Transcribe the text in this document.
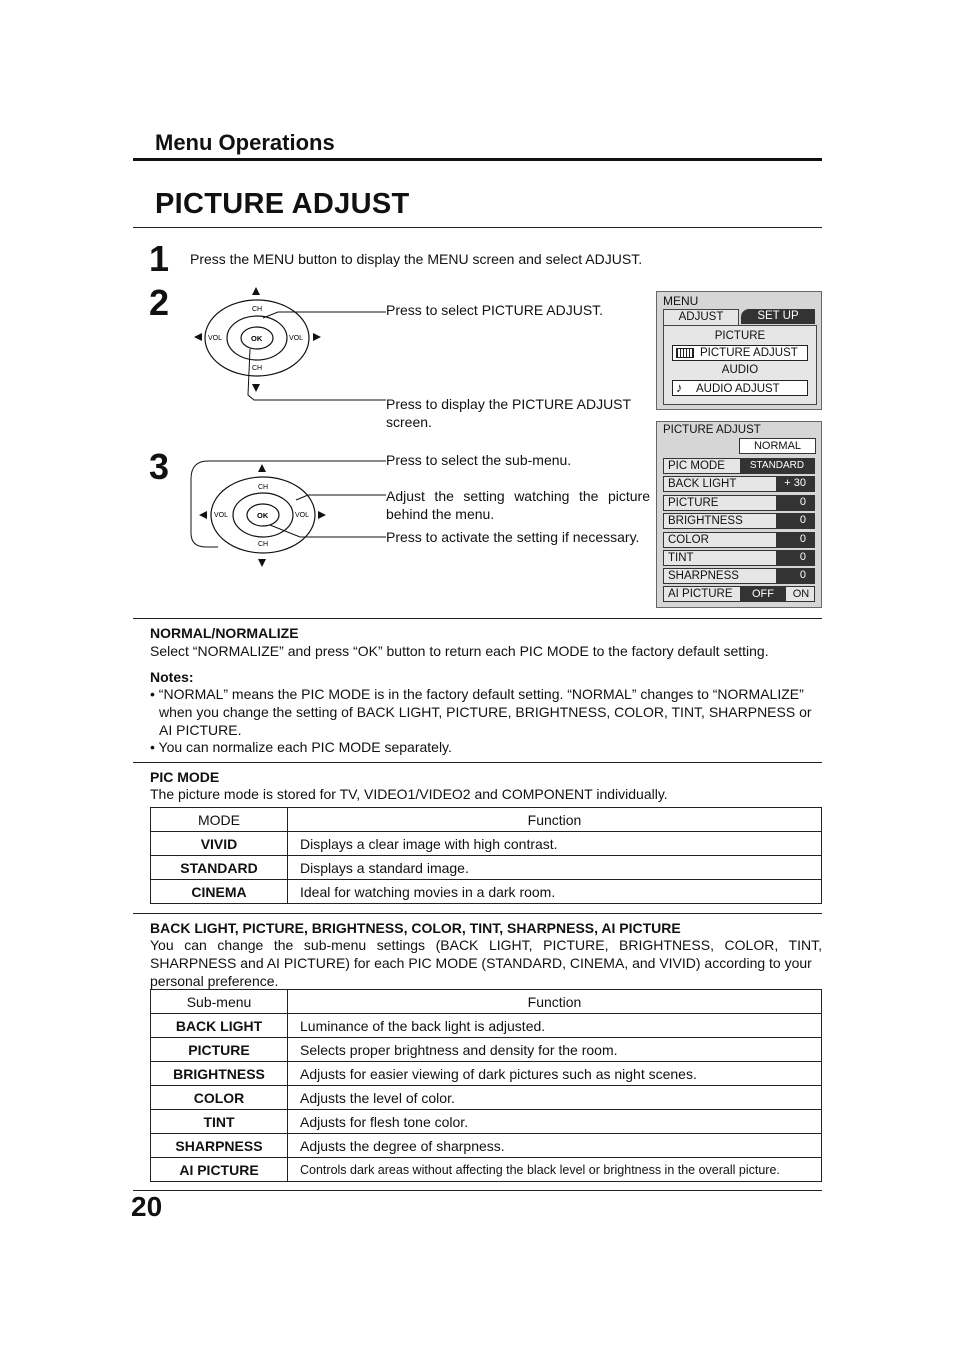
Menu Operations
PICTURE ADJUST
1 Press the MENU button to display the MENU screen and select ADJUST.
2	CH
CH
VOL	VOL
OK
Press to select PICTURE ADJUST.
Press to display the PICTURE ADJUST screen.
MENU
ADJUST	SET UP
PICTURE
PICTURE ADJUST
AUDIO
♪ AUDIO ADJUST
3
CH
CH
VOL	VOL
OK
Press to select the sub-menu.
Adjust the setting watching the picture behind the menu.
Press to activate the setting if necessary.
PICTURE ADJUST
NORMAL
PIC MODE	STANDARD
BACK LIGHT	+ 30
PICTURE	0
BRIGHTNESS	0
COLOR	0
TINT	0
SHARPNESS	0
AI PICTURE	OFF	ON
NORMAL/NORMALIZE
Select “NORMALIZE” and press “OK” button to return each PIC MODE to the factory default setting.
Notes:
• “NORMAL” means the PIC MODE is in the factory default setting. “NORMAL” changes to “NORMALIZE”
when you change the setting of BACK LIGHT, PICTURE, BRIGHTNESS, COLOR, TINT, SHARPNESS or
AI PICTURE.
• You can normalize each PIC MODE separately.
PIC MODE
The picture mode is stored for TV, VIDEO1/VIDEO2 and COMPONENT individually.
MODE	Function
VIVID	Displays a clear image with high contrast.
STANDARD	Displays a standard image.
CINEMA	Ideal for watching movies in a dark room.
BACK LIGHT, PICTURE, BRIGHTNESS, COLOR, TINT, SHARPNESS, AI PICTURE
You can change the sub-menu settings (BACK LIGHT, PICTURE, BRIGHTNESS, COLOR, TINT,
SHARPNESS and AI PICTURE) for each PIC MODE (STANDARD, CINEMA, and VIVID) according to your
personal preference.
Sub-menu	Function
BACK LIGHT	Luminance of the back light is adjusted.
PICTURE	Selects proper brightness and density for the room.
BRIGHTNESS	Adjusts for easier viewing of dark pictures such as night scenes.
COLOR	Adjusts the level of color.
TINT	Adjusts for flesh tone color.
SHARPNESS	Adjusts the degree of sharpness.
AI PICTURE	Controls dark areas without affecting the black level or brightness in the overall picture.
20
